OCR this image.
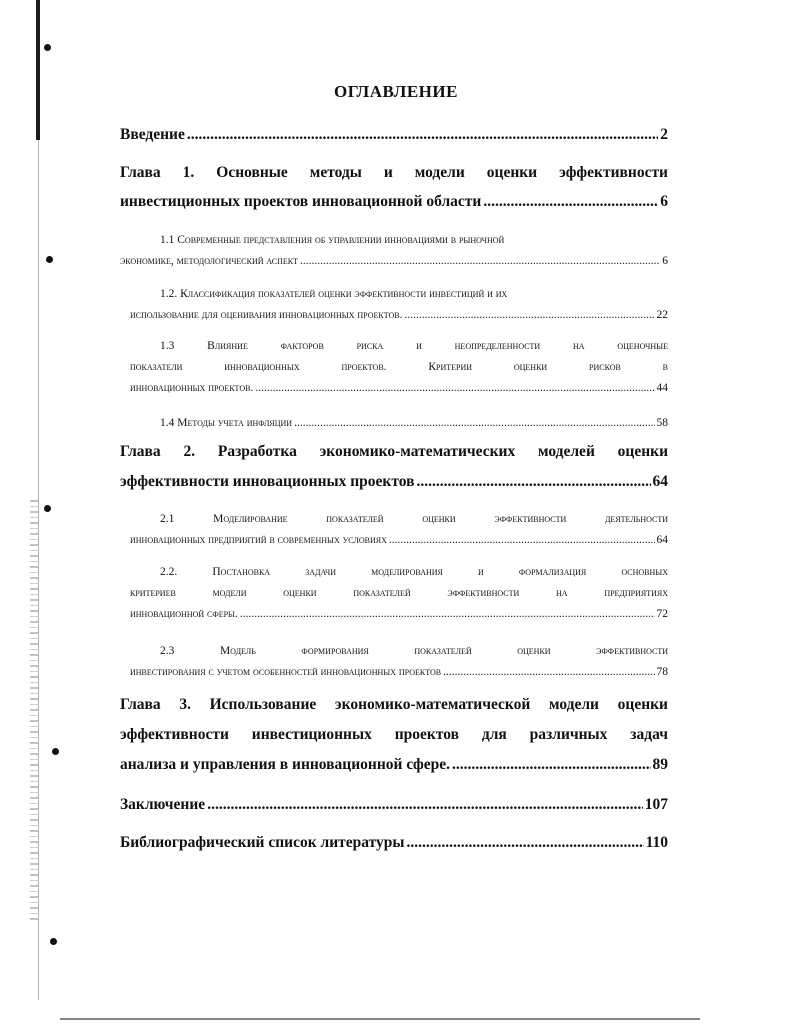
ОГЛАВЛЕНИЕ
Введение .....	2
Глава 1. Основные методы и модели оценки эффективности
инвестиционных проектов инновационной области .....	6
1.1 Современные представления об управлении инновациями в рыночной
экономике, методологический аспект .....	6
1.2. Классификация показателей оценки эффективности инвестиций и их
использование для оценивания инновационных проектов. .....	22
1.3 Влияние факторов риска и неопределенности на оценочные
показатели инновационных проектов. Критерии оценки рисков в
инновационных проектов. .....	44
1.4 Методы учета инфляции .....	58
Глава 2. Разработка экономико-математических моделей оценки
эффективности инновационных проектов .....	64
2.1 Моделирование показателей оценки эффективности деятельности
инновационных предприятий в современных условиях .....	64
2.2. Постановка задачи моделирования и формализация основных
критериев модели оценки показателей эффективности на предприятиях
инновационной сферы. .....	72
2.3 Модель формирования показателей оценки эффективности
инвестирования с учетом особенностей инновационных проектов .....	78
Глава 3. Использование экономико-математической модели оценки
эффективности инвестиционных проектов для различных задач
анализа и управления в инновационной сфере. .....	89
Заключение .....	107
Библиографический список литературы .....	110
